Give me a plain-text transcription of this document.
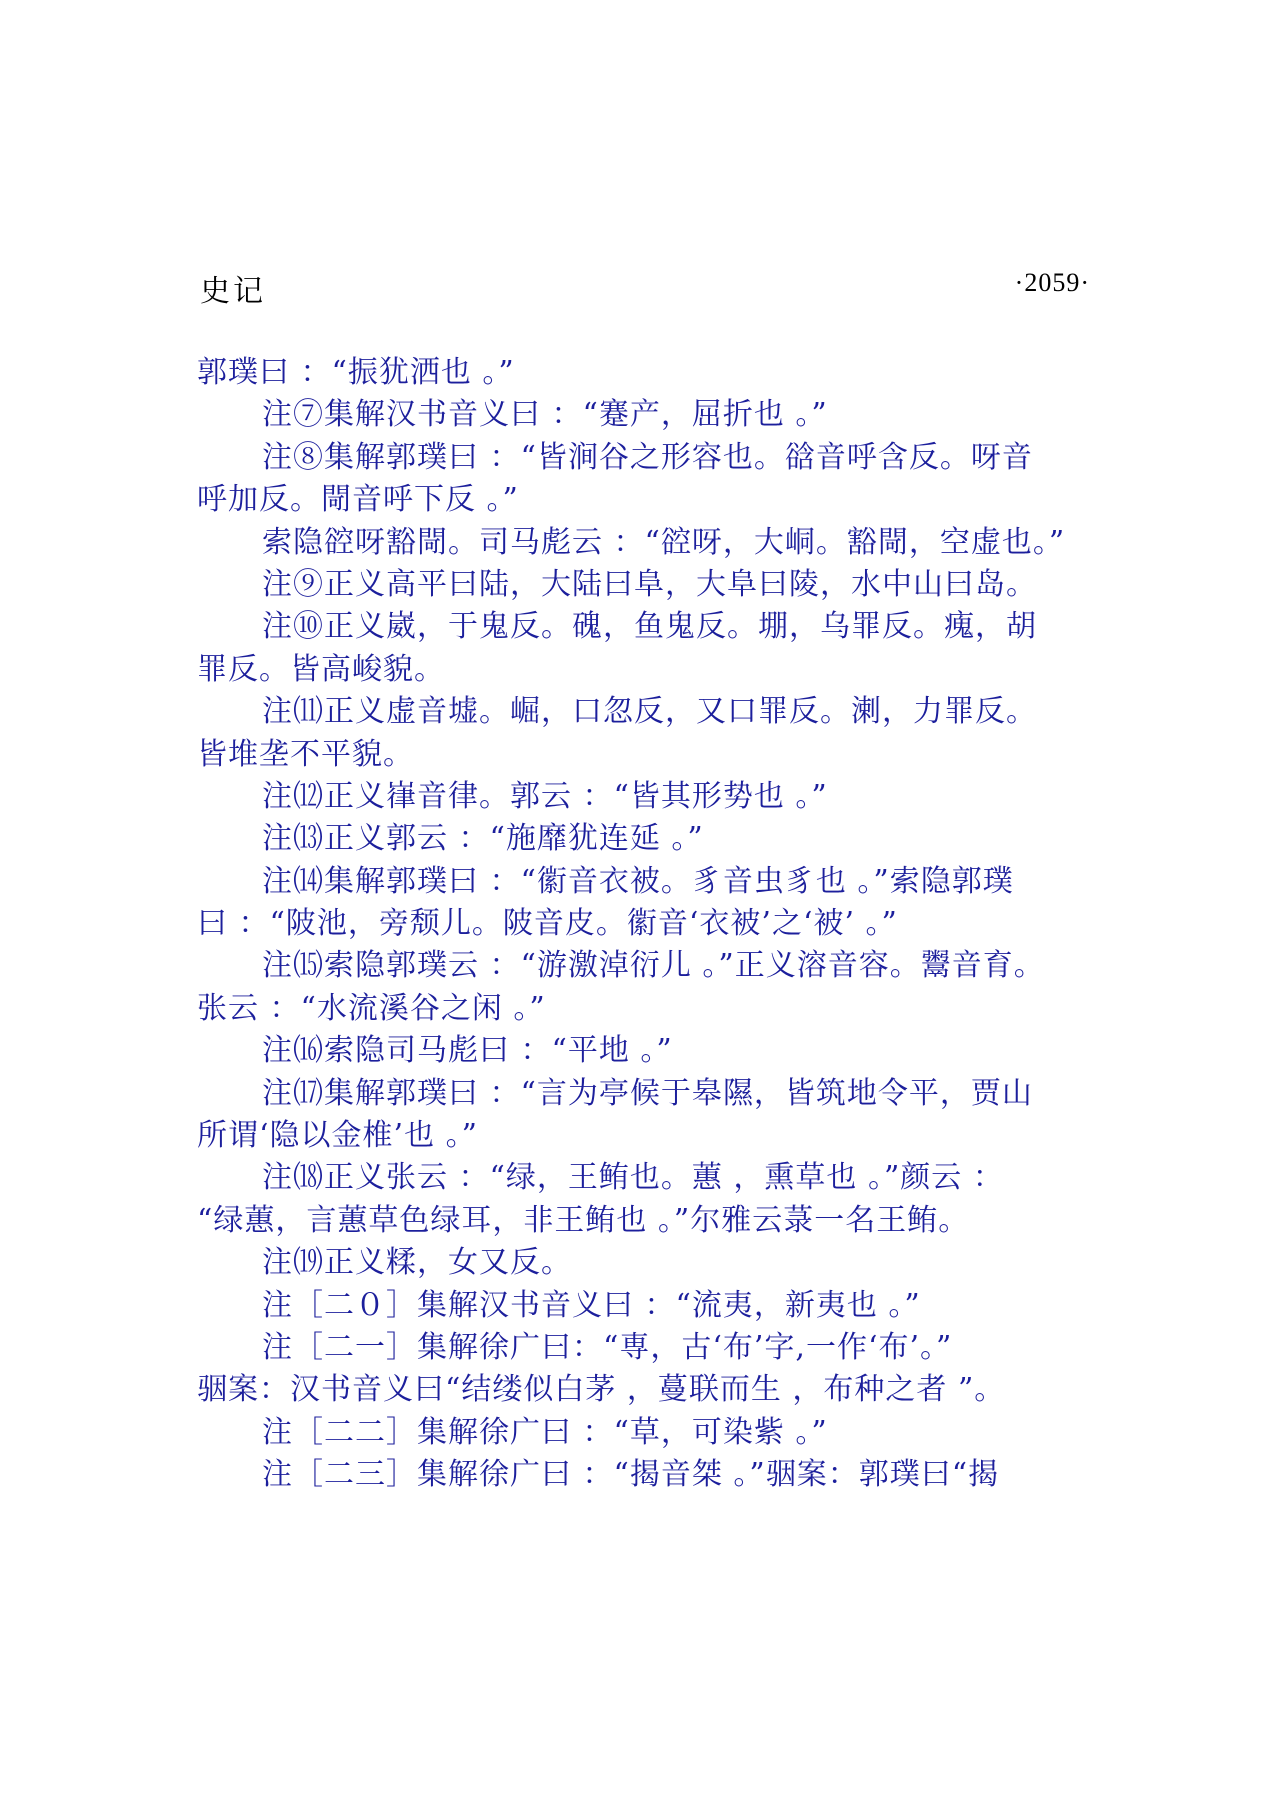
史记	·2059·
郭璞曰 ：“振犹洒也 。”
注⑦集解汉书音义曰 ：“蹇产，屈折也 。”
注⑧集解郭璞曰 ：“皆涧谷之形容也。谽音呼含反。呀音
呼加反。閜音呼下反 。”
索隐谾呀豁閜。司马彪云 ：“谾呀，大峒。豁閜，空虚也。”
注⑨正义高平曰陆，大陆曰阜，大阜曰陵，水中山曰岛。
注⑩正义崴，于鬼反。磈，鱼鬼反。堋，乌罪反。瘣，胡
罪反。皆高峻貌。
注⑾正义虚音墟。崛，口忽反，又口罪反。溂，力罪反。
皆堆垄不平貌。
注⑿正义嵂音律。郭云 ：“皆其形势也 。”
注⒀正义郭云 ：“施靡犹连延 。”
注⒁集解郭璞曰 ：“䘗音衣被。豸音虫豸也 。”索隐郭璞
曰 ：“陂池，旁颓儿。陂音皮。䘗音‘衣被’之‘被’ 。”
注⒂索隐郭璞云 ：“游激淖衍儿 。”正义溶音容。鬻音育。
张云 ：“水流溪谷之闲 。”
注⒃索隐司马彪曰 ：“平地 。”
注⒄集解郭璞曰 ：“言为亭候于皋隰，皆筑地令平，贾山
所谓‘隐以金椎’也 。”
注⒅正义张云 ：“绿，王鲔也。蕙 ，熏草也 。”颜云 ：
“绿蕙，言蕙草色绿耳，非王鲔也 。”尔雅云菉一名王鲔。
注⒆正义糅，女又反。
注［二０］集解汉书音义曰 ：“流夷，新夷也 。”
注［二一］集解徐广曰：“専，古‘布’字,一作‘布’。”
骃案：汉书音义曰“结缕似白茅 ，蔓联而生 ，布种之者 ”。
注［二二］集解徐广曰 ：“草，可染紫 。”
注［二三］集解徐广曰 ：“揭音桀 。”骃案：郭璞曰“揭
